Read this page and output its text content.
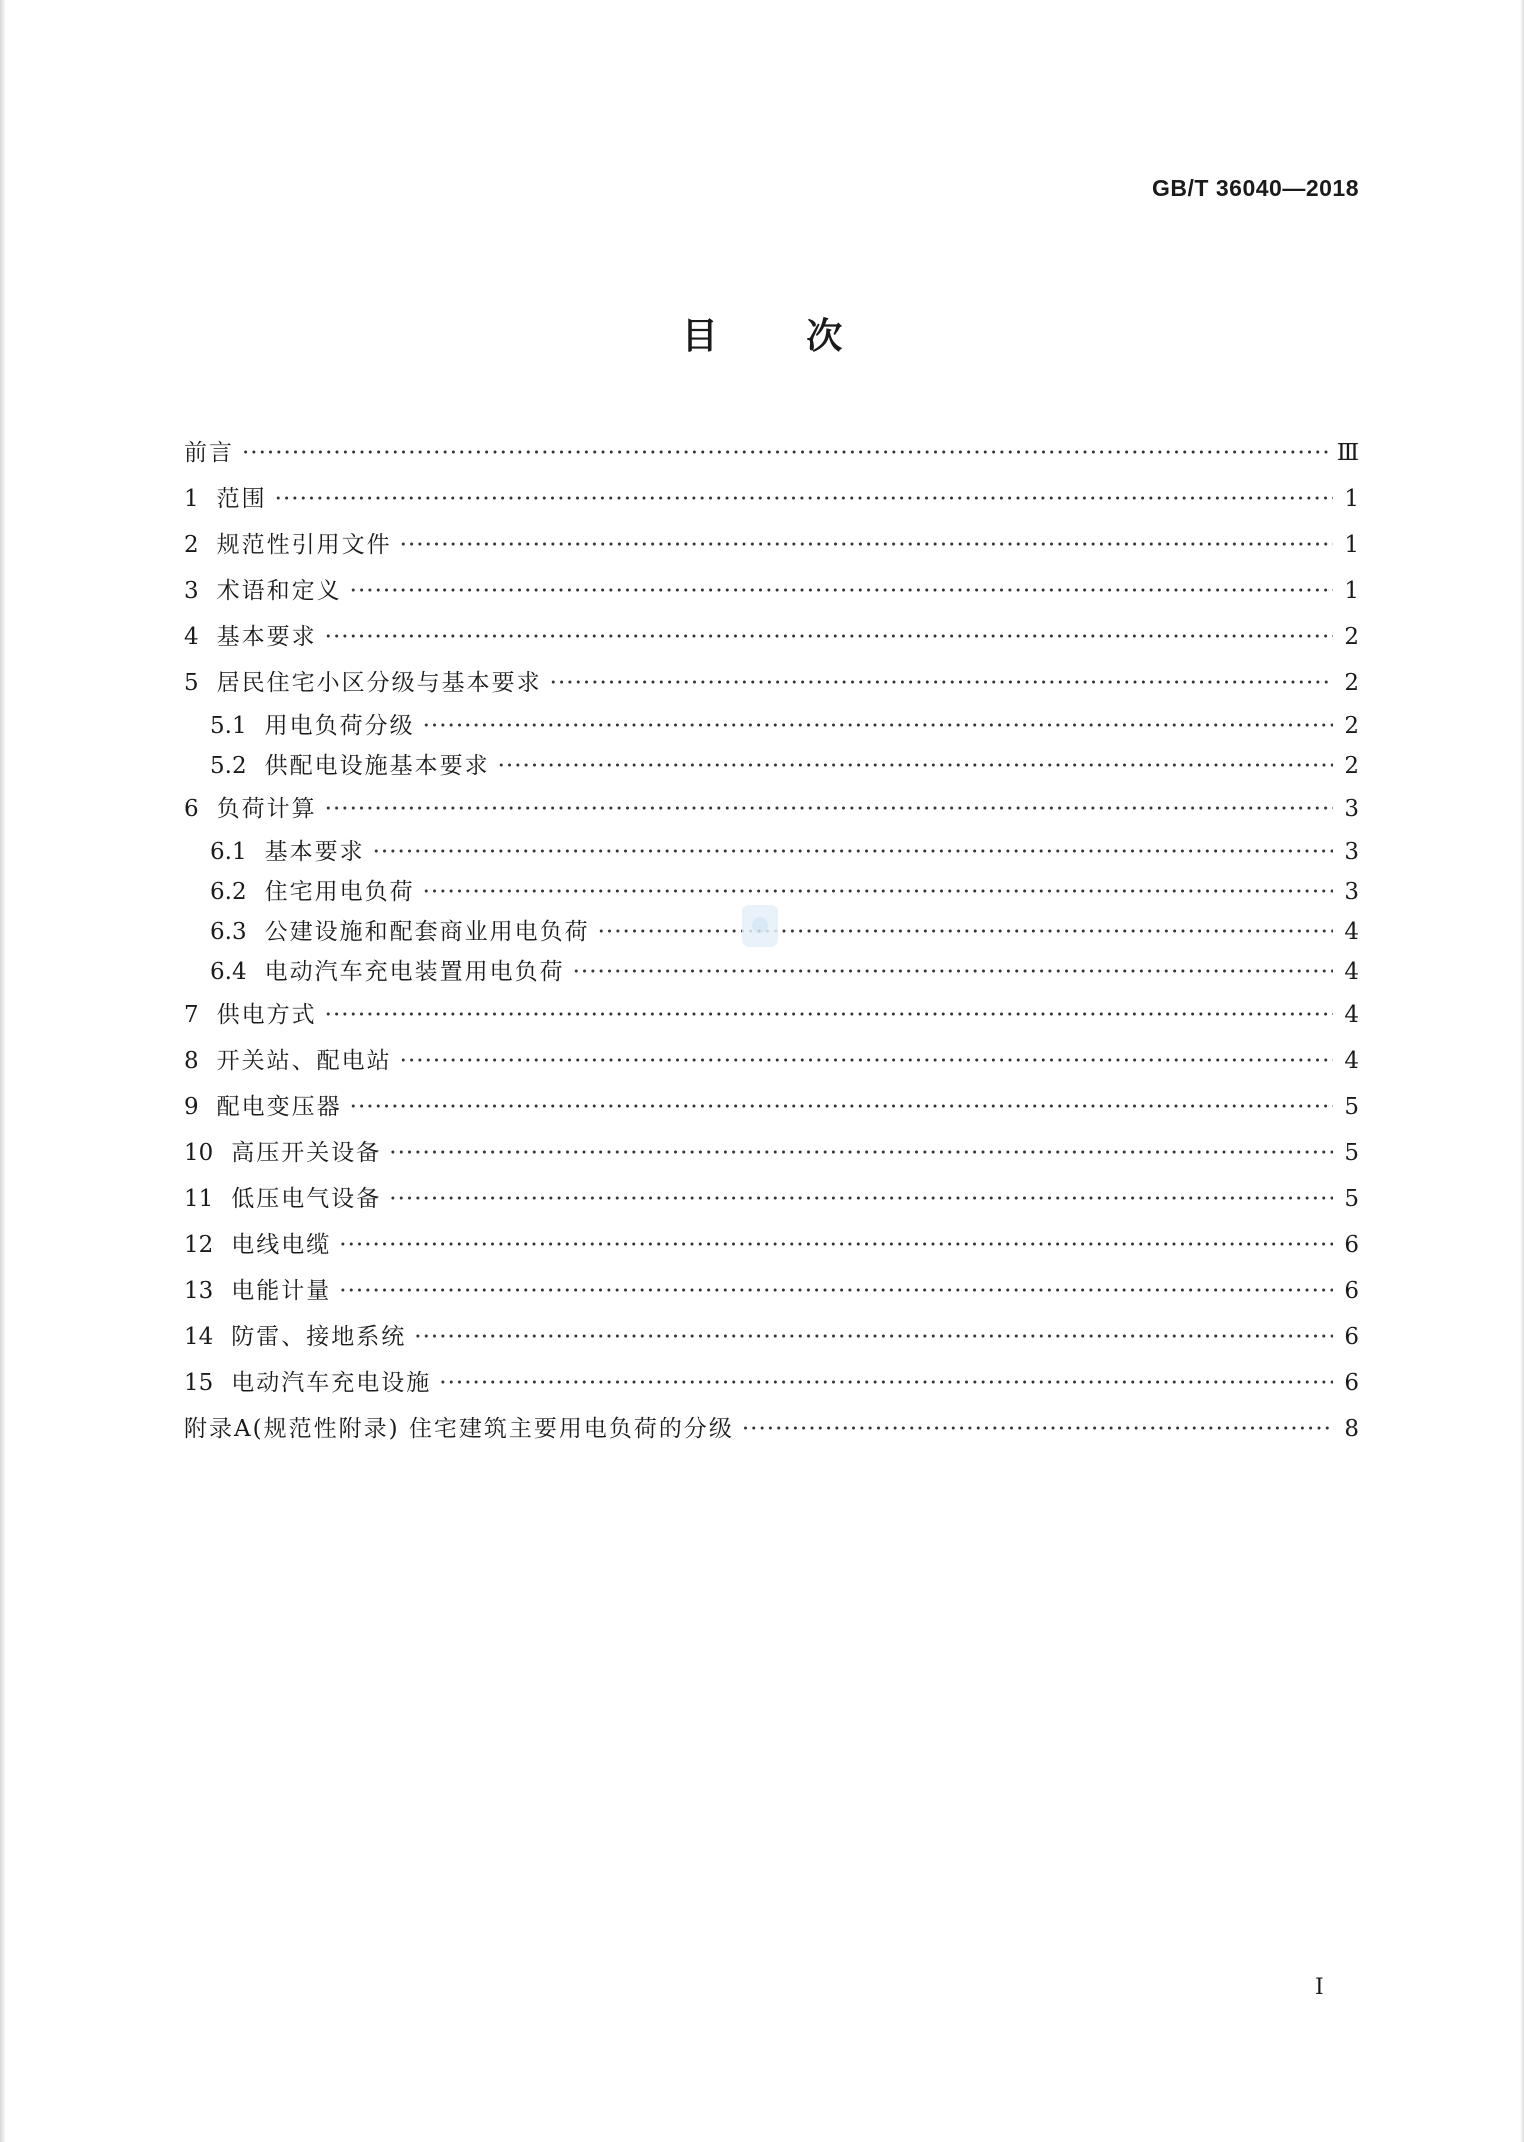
GB/T 36040—2018
目 次
前言 ·····	Ⅲ
1 范围 ·····	1
2 规范性引用文件 ·····	1
3 术语和定义 ·····	1
4 基本要求 ·····	2
5 居民住宅小区分级与基本要求 ·····	2
5.1 用电负荷分级 ·····	2
5.2 供配电设施基本要求 ·····	2
6 负荷计算 ·····	3
6.1 基本要求 ·····	3
6.2 住宅用电负荷 ·····	3
6.3 公建设施和配套商业用电负荷 ·····	4
6.4 电动汽车充电装置用电负荷 ·····	4
7 供电方式 ·····	4
8 开关站、配电站 ·····	4
9 配电变压器 ·····	5
10 高压开关设备 ·····	5
11 低压电气设备 ·····	5
12 电线电缆 ·····	6
13 电能计量 ·····	6
14 防雷、接地系统 ·····	6
15 电动汽车充电设施 ·····	6
附录A(规范性附录) 住宅建筑主要用电负荷的分级 ·····	8
I
